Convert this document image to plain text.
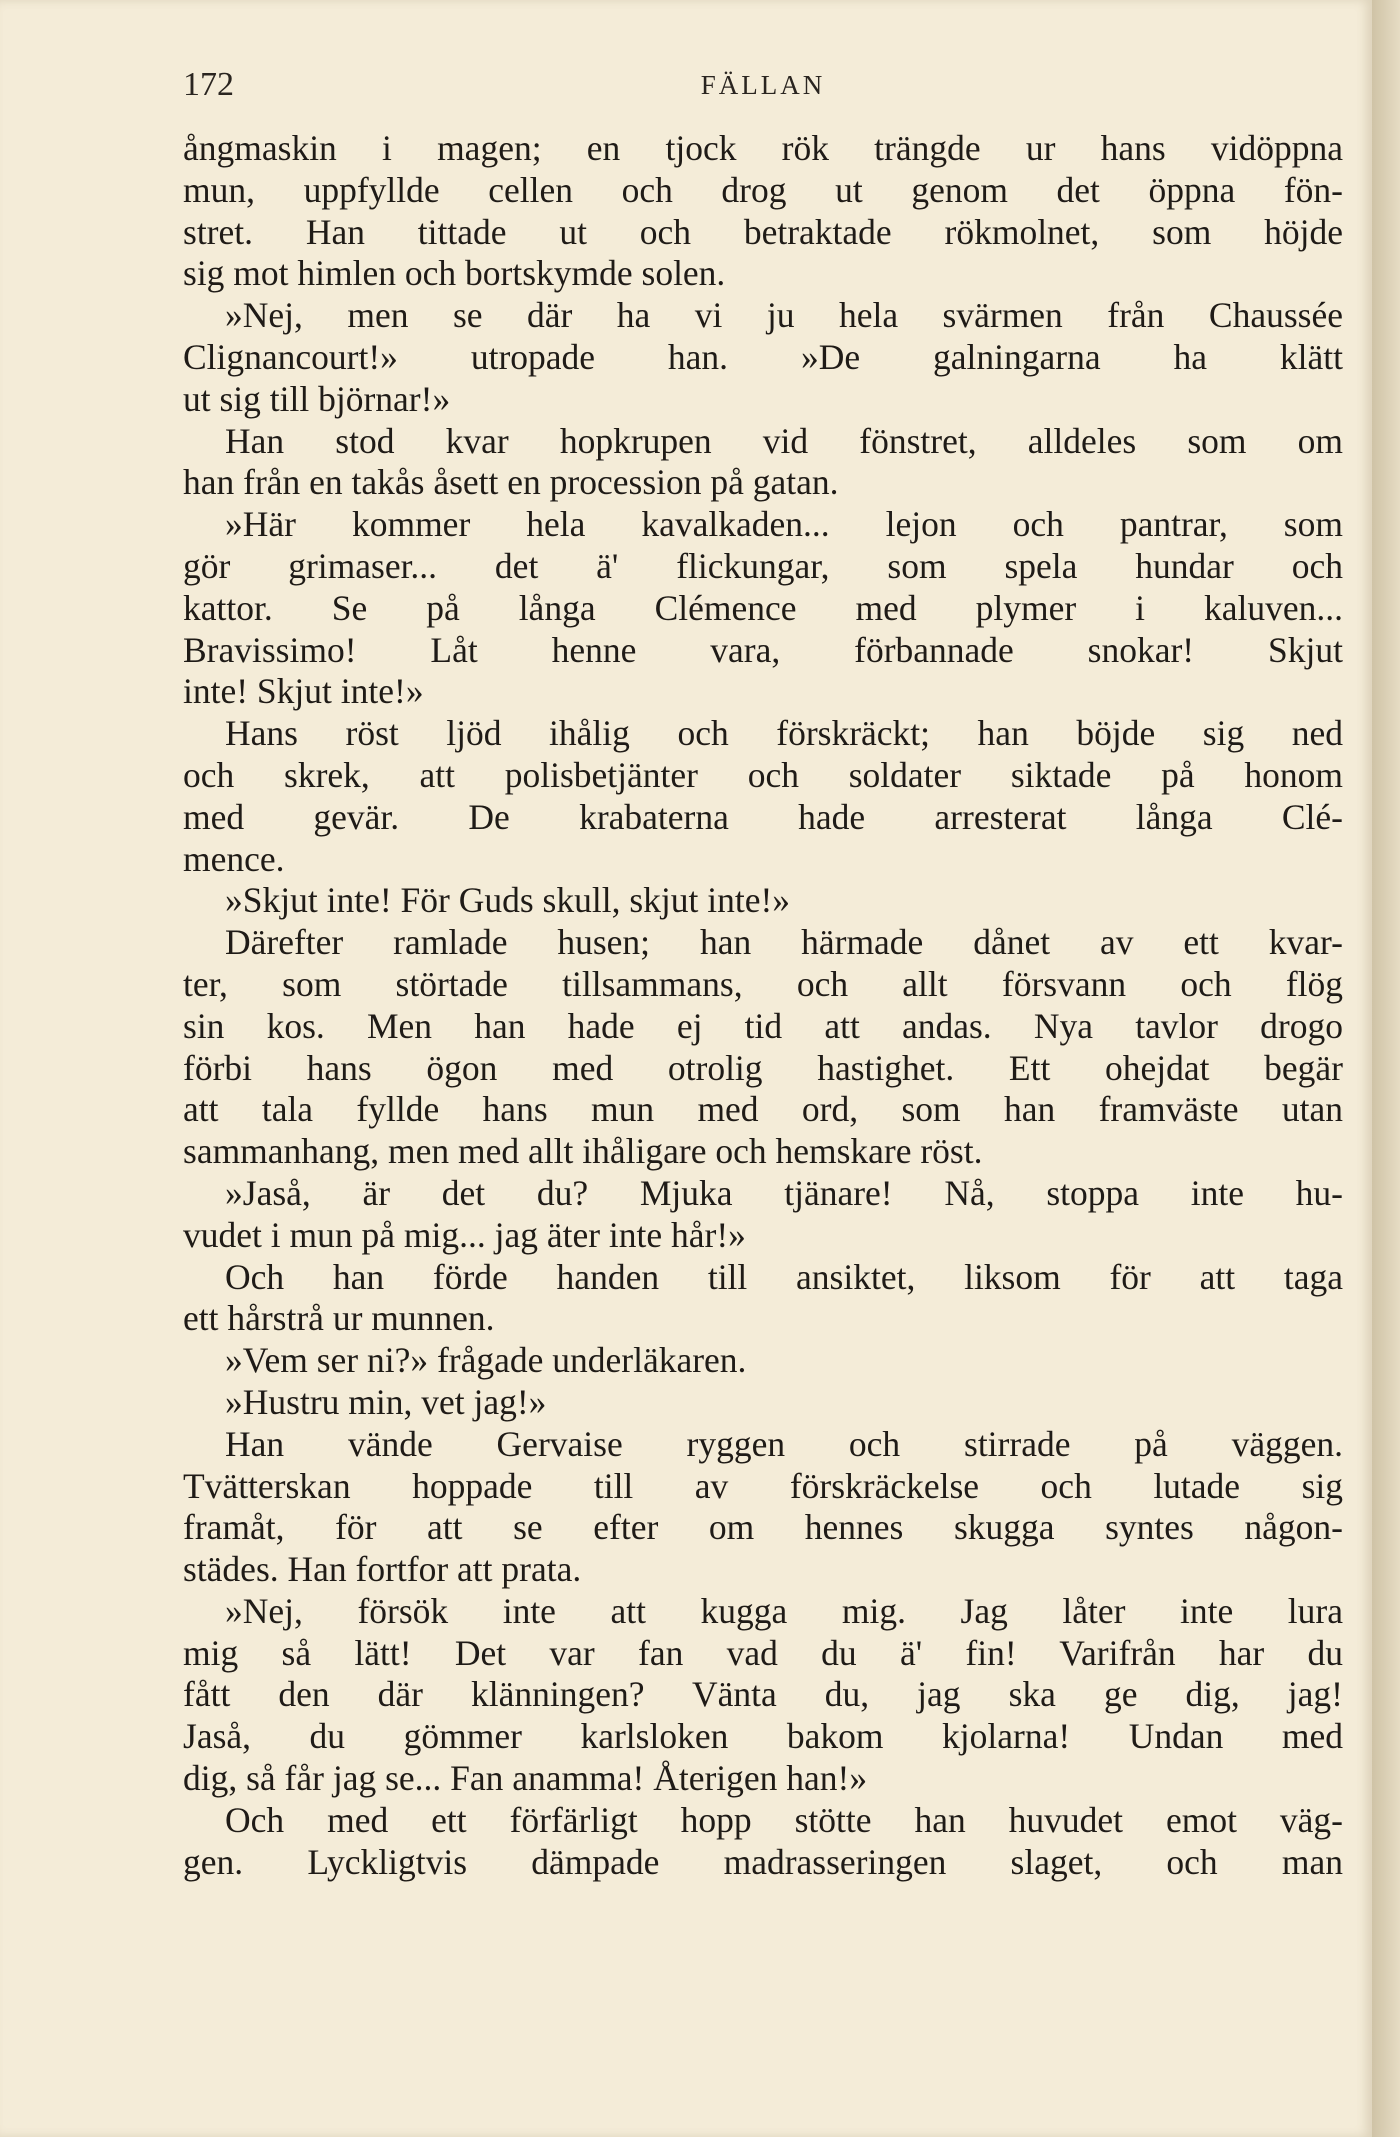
172	FÄLLAN
ångmaskin i magen; en tjock rök trängde ur hans vidöppna
mun, uppfyllde cellen och drog ut genom det öppna fön-
stret. Han tittade ut och betraktade rökmolnet, som höjde
sig mot himlen och bortskymde solen.
»Nej, men se där ha vi ju hela svärmen från Chaussée
Clignancourt!» utropade han. »De galningarna ha klätt
ut sig till björnar!»
Han stod kvar hopkrupen vid fönstret, alldeles som om
han från en takås åsett en procession på gatan.
»Här kommer hela kavalkaden... lejon och pantrar, som
gör grimaser... det ä' flickungar, som spela hundar och
kattor. Se på långa Clémence med plymer i kaluven...
Bravissimo! Låt henne vara, förbannade snokar! Skjut
inte! Skjut inte!»
Hans röst ljöd ihålig och förskräckt; han böjde sig ned
och skrek, att polisbetjänter och soldater siktade på honom
med gevär. De krabaterna hade arresterat långa Clé-
mence.
»Skjut inte! För Guds skull, skjut inte!»
Därefter ramlade husen; han härmade dånet av ett kvar-
ter, som störtade tillsammans, och allt försvann och flög
sin kos. Men han hade ej tid att andas. Nya tavlor drogo
förbi hans ögon med otrolig hastighet. Ett ohejdat begär
att tala fyllde hans mun med ord, som han framväste utan
sammanhang, men med allt ihåligare och hemskare röst.
»Jaså, är det du? Mjuka tjänare! Nå, stoppa inte hu-
vudet i mun på mig... jag äter inte hår!»
Och han förde handen till ansiktet, liksom för att taga
ett hårstrå ur munnen.
»Vem ser ni?» frågade underläkaren.
»Hustru min, vet jag!»
Han vände Gervaise ryggen och stirrade på väggen.
Tvätterskan hoppade till av förskräckelse och lutade sig
framåt, för att se efter om hennes skugga syntes någon-
städes. Han fortfor att prata.
»Nej, försök inte att kugga mig. Jag låter inte lura
mig så lätt! Det var fan vad du ä' fin! Varifrån har du
fått den där klänningen? Vänta du, jag ska ge dig, jag!
Jaså, du gömmer karlsloken bakom kjolarna! Undan med
dig, så får jag se... Fan anamma! Återigen han!»
Och med ett förfärligt hopp stötte han huvudet emot väg-
gen. Lyckligtvis dämpade madrasseringen slaget, och man
